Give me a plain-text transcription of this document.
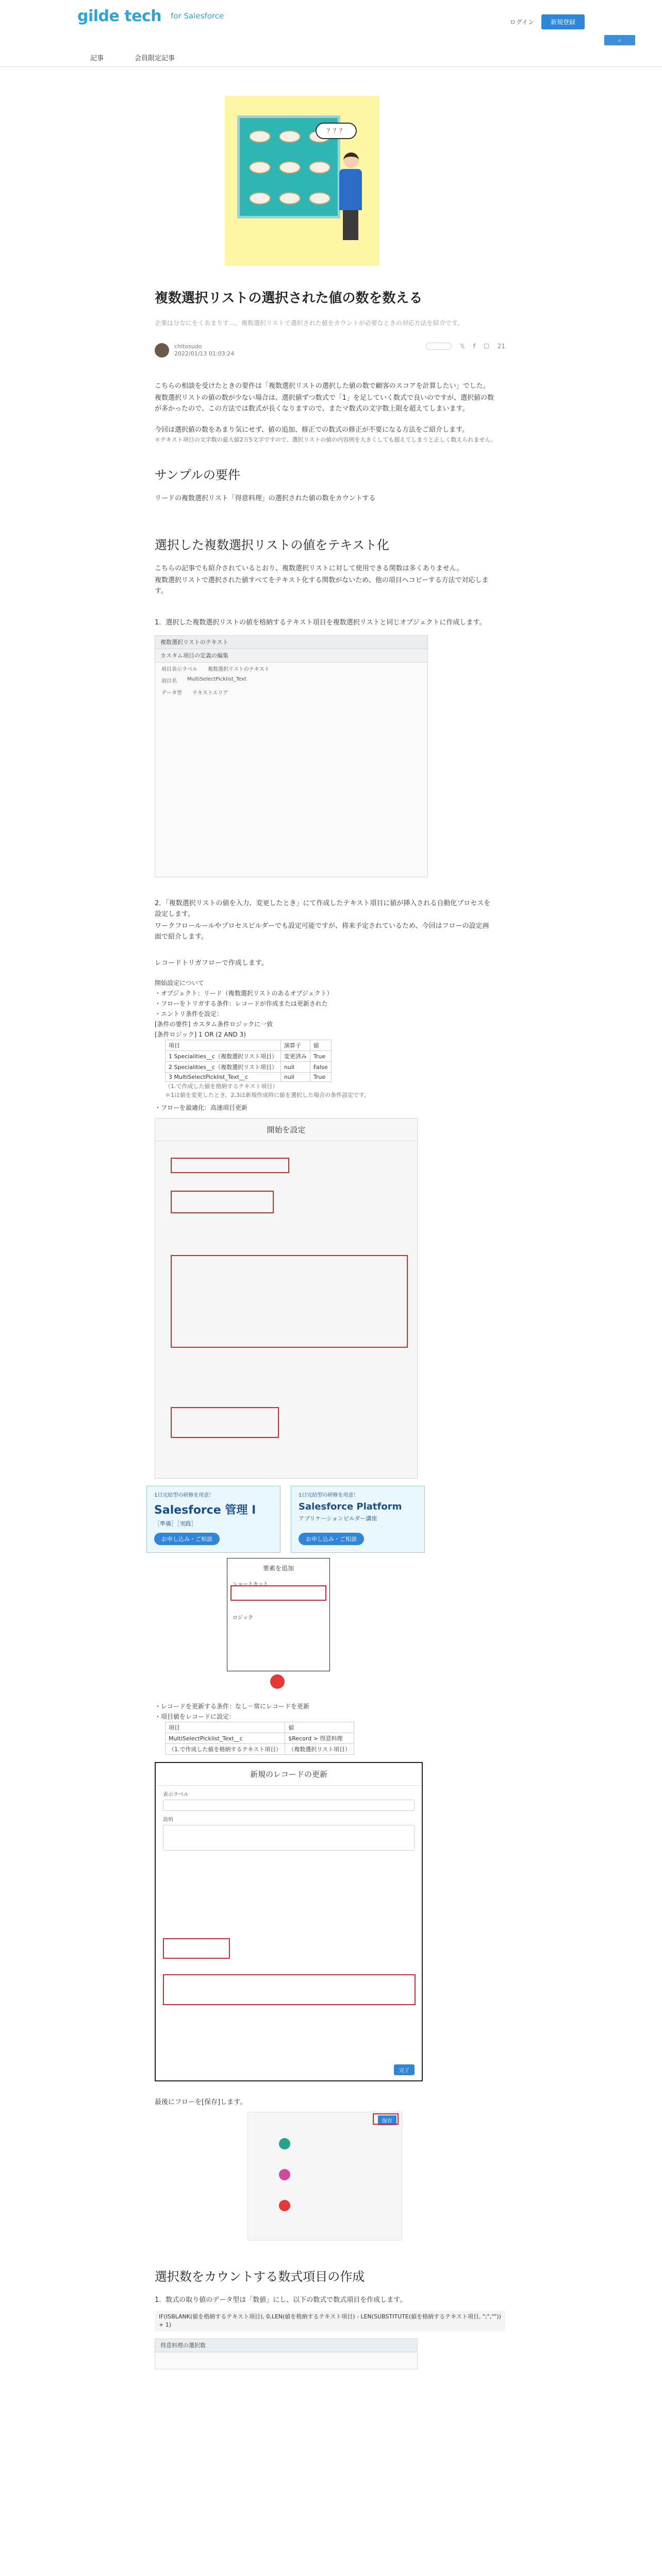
gilde tech for Salesforce
ログイン	新規登録
⌕
記事	会員限定記事
？？？
複数選択リストの選択された値の数を数える

企業は分なにをくあまりす…。複数選択リストで選択された値をカウントが必要なときの対応方法を紹介です。

chitosudo
2022/01/13 01:03:24
𝕏 f ☐ 21

こちらの相談を受けたときの要件は「複数選択リストの選択した値の数で顧客のスコアを計算したい」でした。

複数選択リストの値の数が少ない場合は、選択値ずつ数式で「1」を足していく数式で良いのですが、選択値の数が多かったので、この方法では数式が長くなりますので、またマ数式の文字数上限を超えてしまいます。

今回は選択値の数をあまり気にせず、値の追加、修正での数式の修正が不要になる方法をご紹介します。

＊テキスト項目の文字数の最大値2万5文字ですので、選択リストの値の内容例を大きくしても超えてしまうと正しく数えられません。

サンプルの要件

リードの複数選択リスト「得意料理」の選択された値の数をカウントする

選択した複数選択リストの値をテキスト化

こちらの記事でも紹介されているとおり、複数選択リストに対して使用できる関数は多くありません。

複数選択リストで選択された値すべてをテキスト化する関数がないため、他の項目へコピーする方法で対応します。

1．選択した複数選択リストの値を格納するテキスト項目を複数選択リストと同じオブジェクトに作成します。

複数選択リストのテキスト
カスタム項目の定義の編集
項目表示ラベル 複数選択リストのテキスト
項目名 MultiSelectPicklist_Text
データ型 テキストエリア

2．「複数選択リストの値を入力、変更したとき」にて作成したテキスト項目に値が挿入される自動化プロセスを設定します。

ワークフロールールやプロセスビルダーでも設定可能ですが、将来予定されているため、今回はフローの設定画面で紹介します。

レコードトリガフローで作成します。

開始設定について
・オブジェクト：リード（複数選択リストのあるオブジェクト）
・フローをトリガする条件：レコードが作成または更新された
・エントリ条件を設定：
[条件の要件] カスタム条件ロジックに一致
[条件ロジック] 1 OR (2 AND 3)
項目	演算子	値
1 Specialities__c（複数選択リスト項目）	変更済み	True
2 Specialities__c（複数選択リスト項目）	null	False
3 MultiSelectPicklist_Text__c	null	True
（1.で作成した値を格納するテキスト項目）
＊1は値を変更したとき、2,3は新規作成時に値を選択した場合の条件設定です。
・フローを最適化：高速項目更新
開始を設定
1日完結型の研修を用意！
Salesforce 管理 I
［準備］［実践］
お申し込み・ご相談
1日完結型の研修を用意！
Salesforce Platform
アプリケーションビルダー講座
お申し込み・ご相談
要素を追加
ショートカット
ロジック
・レコードを更新する条件：なし－常にレコードを更新
・項目値をレコードに設定：
項目	値
MultiSelectPicklist_Text__c	$Record > 得意料理
（1.で作成した値を格納するテキスト項目）	（複数選択リスト項目）
新規のレコードの更新
表示ラベル
説明
完了

最後にフローを[保存]します。

保存
選択数をカウントする数式項目の作成

1．数式の取り値のデータ型は「数値」にし、以下の数式で数式項目を作成します。

IF(ISBLANK(値を格納するテキスト項目), 0,LEN(値を格納するテキスト項目) - LEN(SUBSTITUTE(値を格納するテキスト項目, ";","")) + 1)
得意料理の選択数
